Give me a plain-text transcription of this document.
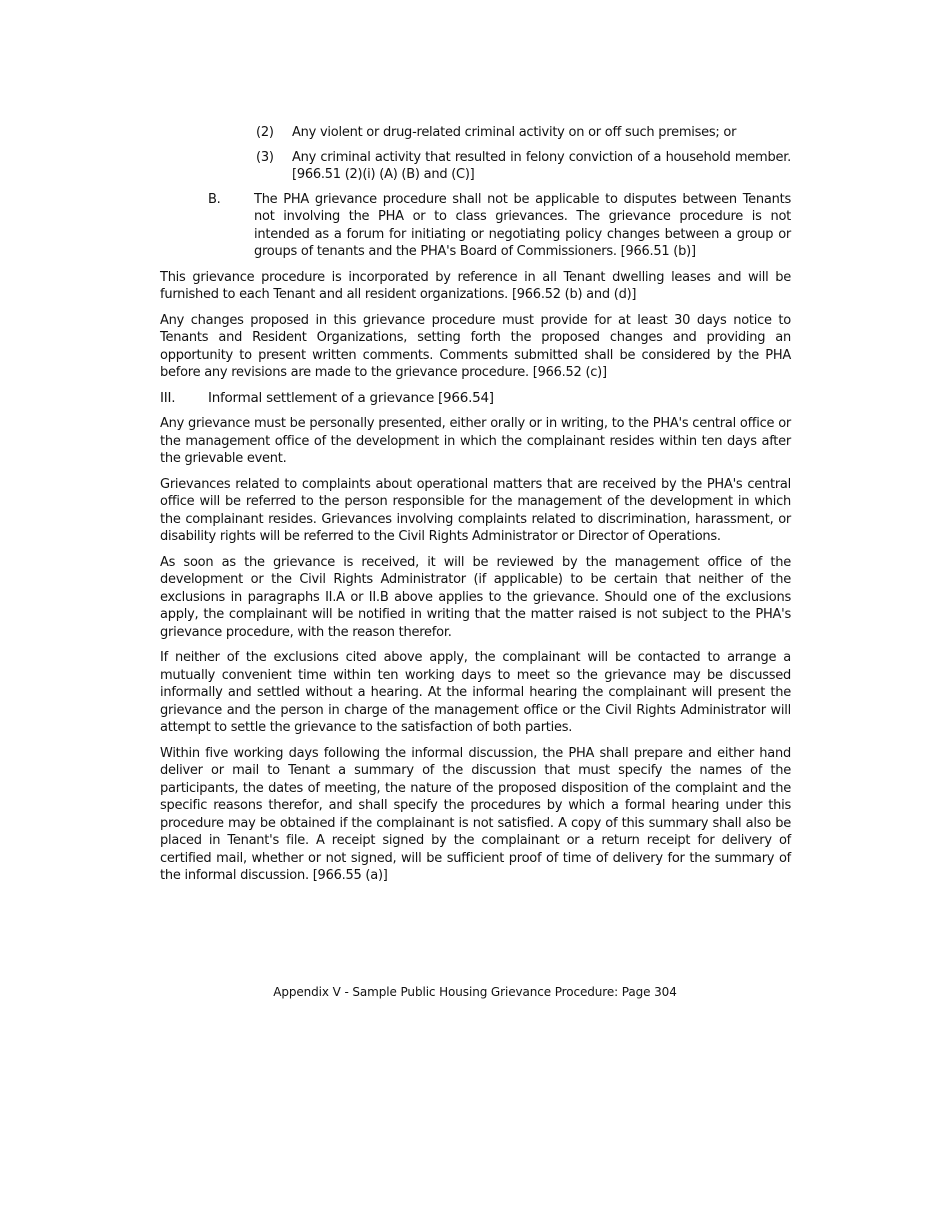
(2)	Any violent or drug-related criminal activity on or off such premises; or
(3)	Any criminal activity that resulted in felony conviction of a household member. [966.51 (2)(i) (A) (B) and (C)]
B.	The PHA grievance procedure shall not be applicable to disputes between Tenants not involving the PHA or to class grievances. The grievance procedure is not intended as a forum for initiating or negotiating policy changes between a group or groups of tenants and the PHA's Board of Commissioners. [966.51 (b)]

This grievance procedure is incorporated by reference in all Tenant dwelling leases and will be furnished to each Tenant and all resident organizations. [966.52 (b) and (d)]

Any changes proposed in this grievance procedure must provide for at least 30 days notice to Tenants and Resident Organizations, setting forth the proposed changes and providing an opportunity to present written comments. Comments submitted shall be considered by the PHA before any revisions are made to the grievance procedure. [966.52 (c)]

III.	Informal settlement of a grievance [966.54]

Any grievance must be personally presented, either orally or in writing, to the PHA's central office or the management office of the development in which the complainant resides within ten days after the grievable event.

Grievances related to complaints about operational matters that are received by the PHA's central office will be referred to the person responsible for the management of the development in which the complainant resides. Grievances involving complaints related to discrimination, harassment, or disability rights will be referred to the Civil Rights Administrator or Director of Operations.

As soon as the grievance is received, it will be reviewed by the management office of the development or the Civil Rights Administrator (if applicable) to be certain that neither of the exclusions in paragraphs II.A or II.B above applies to the grievance. Should one of the exclusions apply, the complainant will be notified in writing that the matter raised is not subject to the PHA's grievance procedure, with the reason therefor.

If neither of the exclusions cited above apply, the complainant will be contacted to arrange a mutually convenient time within ten working days to meet so the grievance may be discussed informally and settled without a hearing. At the informal hearing the complainant will present the grievance and the person in charge of the management office or the Civil Rights Administrator will attempt to settle the grievance to the satisfaction of both parties.

Within five working days following the informal discussion, the PHA shall prepare and either hand deliver or mail to Tenant a summary of the discussion that must specify the names of the participants, the dates of meeting, the nature of the proposed disposition of the complaint and the specific reasons therefor, and shall specify the procedures by which a formal hearing under this procedure may be obtained if the complainant is not satisfied. A copy of this summary shall also be placed in Tenant's file. A receipt signed by the complainant or a return receipt for delivery of certified mail, whether or not signed, will be sufficient proof of time of delivery for the summary of the informal discussion. [966.55 (a)]

Appendix V - Sample Public Housing Grievance Procedure: Page 304
